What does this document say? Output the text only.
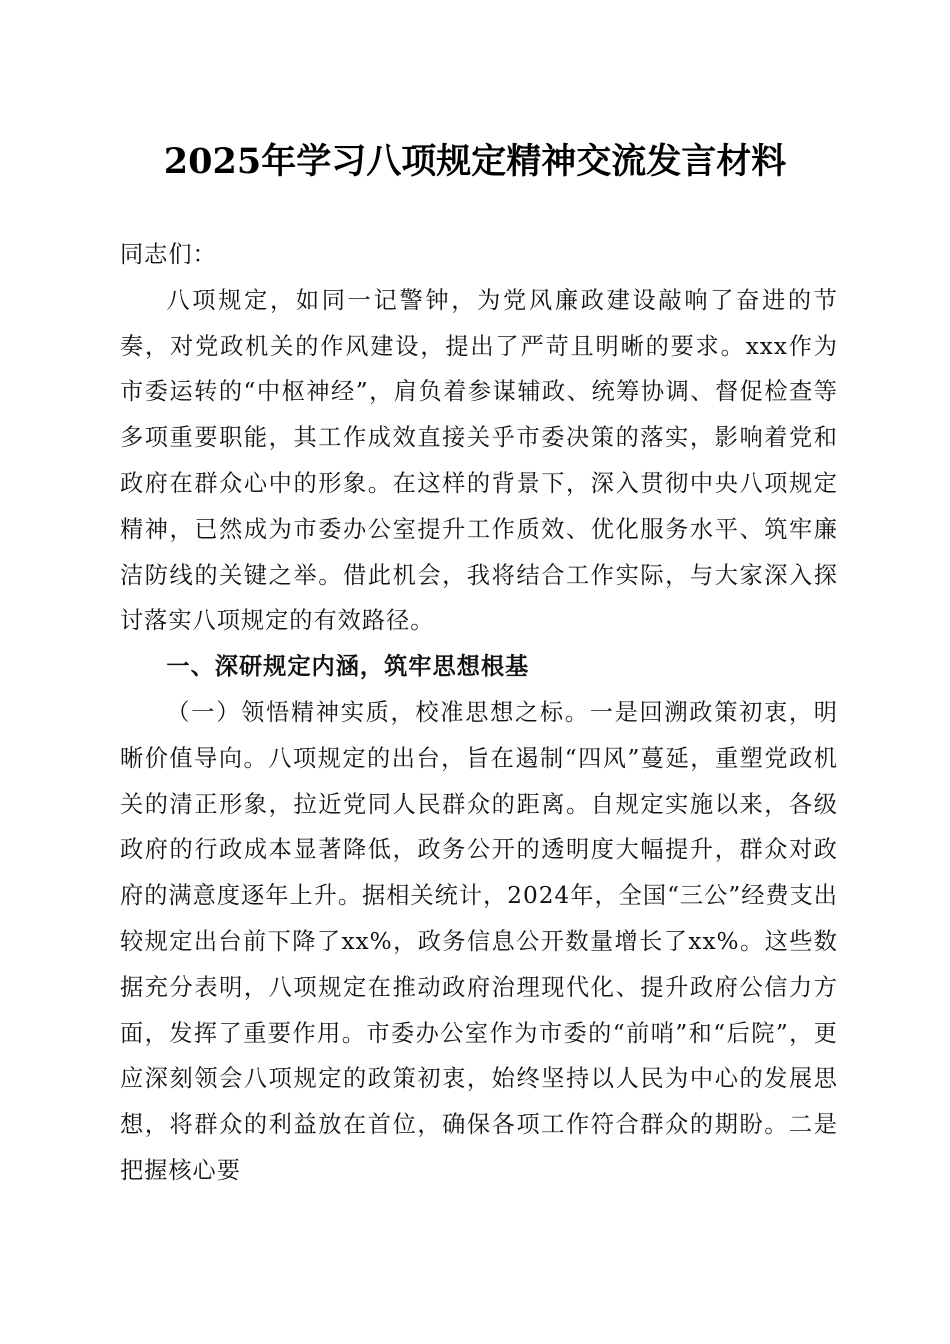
2025年学习八项规定精神交流发言材料

同志们：

八项规定，如同一记警钟，为党风廉政建设敲响了奋进的节奏，对党政机关的作风建设，提出了严苛且明晰的要求。xxx作为市委运转的“中枢神经”，肩负着参谋辅政、统筹协调、督促检查等多项重要职能，其工作成效直接关乎市委决策的落实，影响着党和政府在群众心中的形象。在这样的背景下，深入贯彻中央八项规定精神，已然成为市委办公室提升工作质效、优化服务水平、筑牢廉洁防线的关键之举。借此机会，我将结合工作实际，与大家深入探讨落实八项规定的有效路径。

一、深研规定内涵，筑牢思想根基

（一）领悟精神实质，校准思想之标。一是回溯政策初衷，明晰价值导向。八项规定的出台，旨在遏制“四风”蔓延，重塑党政机关的清正形象，拉近党同人民群众的距离。自规定实施以来，各级政府的行政成本显著降低，政务公开的透明度大幅提升，群众对政府的满意度逐年上升。据相关统计，2024年，全国“三公”经费支出较规定出台前下降了xx%，政务信息公开数量增长了xx%。这些数据充分表明，八项规定在推动政府治理现代化、提升政府公信力方面，发挥了重要作用。市委办公室作为市委的“前哨”和“后院”，更应深刻领会八项规定的政策初衷，始终坚持以人民为中心的发展思想，将群众的利益放在首位，确保各项工作符合群众的期盼。二是把握核心要
